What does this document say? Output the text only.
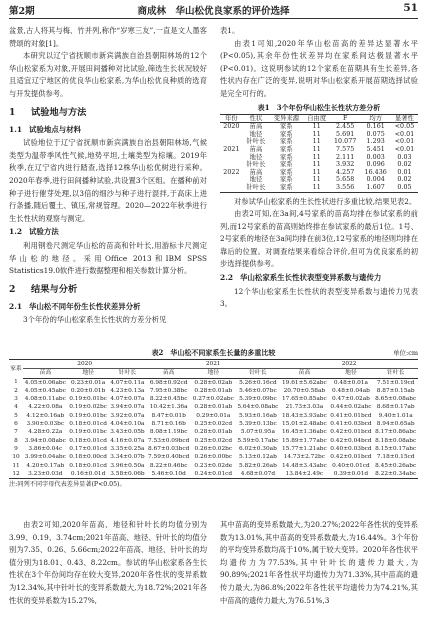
第2期	商成林　华山松优良家系的评价选择	51

盆景,古人将其与梅、竹并列,称作“岁寒三友”,一直是文人墨客赞颂的对象[1]。

本研究以辽宁省抚顺市新宾满族自治县朝阳林场的12个华山松家系为对象,开展田间播种对比试验,筛选生长状况较好且适宜辽宁地区的优良华山松家系,为华山松优良种质的选育与开发提供参考。

1 试验地与方法
1.1 试验地点与材料

试验地位于辽宁省抚顺市新宾满族自治县朝阳林场,气候类型为温带季风性气候,地势平坦,土壤类型为棕壤。2019年秋季,在辽宁省内进行踏查,选择12株华山松优树进行采种。2020年春季,进行田间播种试验,共设置3个区组。在播种前对种子进行催芽处理,以3倍的细沙与种子进行混拌,于高床上进行条播,随后覆土、镇压,常规管理。2020—2022年秋季进行生长性状的观察与测定。

1.2 试验方法

利用钢卷尺测定华山松的苗高和针叶长,用游标卡尺测定华山松的地径。采用Office 2013和IBM SPSS Statistics19.0软件进行数据整理和相关参数计算分析。

2 结果与分析
2.1 华山松不同年份生长性状差异分析

3个年份的华山松家系生长性状的方差分析见

表1。

由表1可知,2020年华山松苗高的差异达显著水平(P<0.05),其余年份性状差异均在家系间达极显著水平(P<0.01)。这说明参试的12个家系在苗期具有生长差异,各性状内存在广泛的变异,说明对华山松家系开展苗期选择试验是完全可行的。

表1　3个年份华山松生长性状方差分析
年份	性状	变异来源	自由度	F	均方	显著性
2020	苗高	家系	11	2.455	0.161	<0.05
	地径	家系	11	5.691	0.075	<0.01
	针叶长	家系	11	10.077	1.293	<0.01
2021	苗高	家系	11	7.575	5.451	<0.01
	地径	家系	11	2.111	0.003	0.03
	针叶长	家系	11	3.932	0.096	0.02
2022	苗高	家系	11	4.257	16.436	0.01
	地径	家系	11	5.658	0.004	0.02
	针叶长	家系	11	3.556	1.607	0.05

对参试华山松家系的生长性状进行多重比较,结果见表2。

由表2可知,在3a间,4号家系的苗高均排在参试家系的前列,而12号家系的苗高则始终排在参试家系的最后1位。1号、2号家系的地径在3a间均排在前3位,12号家系的地径则均排在靠后的位置。对调查结果来看综合评价,但可为优良家系的初步选择提供参考。

2.2 华山松家系生长性状表型变异系数与遗传力

12个华山松家系生长性状的表型变异系数与遗传力见表3。

表2　华山松不同家系生长量的多重比较	单位:cm
家系	2020			2021			2022		
	苗高	地径	针叶长	苗高	地径	针叶长	苗高	地径	针叶长
1	4.05±0.06abc	0.23±0.01a	4.07±0.11a	6.98±0.92cd	0.28±0.02ab	5.26±0.16cd	19.61±5.62abc	0.48±0.01a	7.51±0.19cd
2	4.05±0.45abc	0.20±0.01b	4.23±0.13a	7.95±0.38bc	0.28±0.01ab	5.46±0.07bc	20.70±0.58ab	0.48±0.04ab	8.87±0.15ab
3	4.08±0.11abc	0.19±0.01bc	4.07±0.07a	8.22±0.45bc	0.27±0.02abc	5.39±0.09bc	17.65±0.85abc	0.47±0.02ab	8.65±0.08abc
4	4.22±0.08a	0.19±0.02bc	3.94±0.07a	10.42±1.36a	0.28±0.01ab	5.64±0.08abc	21.73±3.03a	0.44±0.02abc	8.68±0.17ab
5	4.12±0.16ab	0.19±0.01bc	3.92±0.07a	8.47±0.01b	0.29±0.01a	5.93±0.16ab	18.43±3.93abc	0.41±0.01bcd	9.40±1.01a
6	3.90±0.03bc	0.18±0.01cd	4.04±0.10a	8.71±0.16b	0.25±0.02cd	5.39±0.13bc	15.01±2.48abc	0.41±0.03bcd	8.94±0.65ab
7	4.28±0.22a	0.19±0.01bc	3.43±0.05b	8.08±1.19bc	0.28±0.01ab	5.07±0.95a	16.45±1.36abc	0.42±0.01bcd	8.17±0.86abc
8	3.94±0.08abc	0.18±0.01cd	4.16±0.07a	7.53±0.09bcd	0.25±0.02cd	5.59±0.17abc	15.89±1.77abc	0.42±0.04bcd	8.18±0.08abc
9	3.86±0.04c	0.17±0.01cd	3.35±0.25a	8.67±0.03bcd	0.26±0.02bc	6.02±0.30ab	15.77±1.21abc	0.40±0.03bcd	8.15±0.17abc
10	3.99±0.04abc	0.18±0.00cd	3.34±0.07b	7.59±0.40bcd	0.26±0.00bc	5.13±0.12ab	14.73±2.72bc	0.42±0.01bcd	7.18±0.15cd
11	4.20±0.17ab	0.18±0.01cd	3.96±0.50a	8.22±0.46bc	0.23±0.02de	5.82±0.26ab	14.48±3.43abc	0.40±0.01cd	8.45±0.26abc
12	3.23±0.03d	0.16±0.01d	3.58±0.06b	5.46±0.10d	0.24±0.01cd	4.68±0.07d	13.84±2.49c	0.39±0.01d	8.22±0.34abc
注:同列不同字母代表差异显著(P<0.05)。

由表2可知,2020年苗高、地径和针叶长的均值分别为3.99、0.19、3.74cm;2021年苗高、地径、针叶长的均值分别为7.35、0.26、5.66cm;2022年苗高、地径、针叶长的均值分别为18.01、0.43、8.22cm。参试的华山松家系各生长性状在3个年份间均存在较大变异,2020年各性状的变异系数为12.34%,其中针叶长的变异系数最大,为18.72%;2021年各性状的变异系数为15.27%,

其中苗高的变异系数最大,为20.27%;2022年各性状的变异系数为13.01%,其中苗高的变异系数最大,为16.44%。3个年份的平均变异系数均高于10%,属于较大变异。2020年各性状平均遗传力为77.53%,其中针叶长的遗传力最大,为90.89%;2021年各性状平均遗传力为71.33%,其中苗高的遗传力最大,为86.8%;2022年各性状平均遗传力为74.21%,其中苗高的遗传力最大,为76.51%,3
